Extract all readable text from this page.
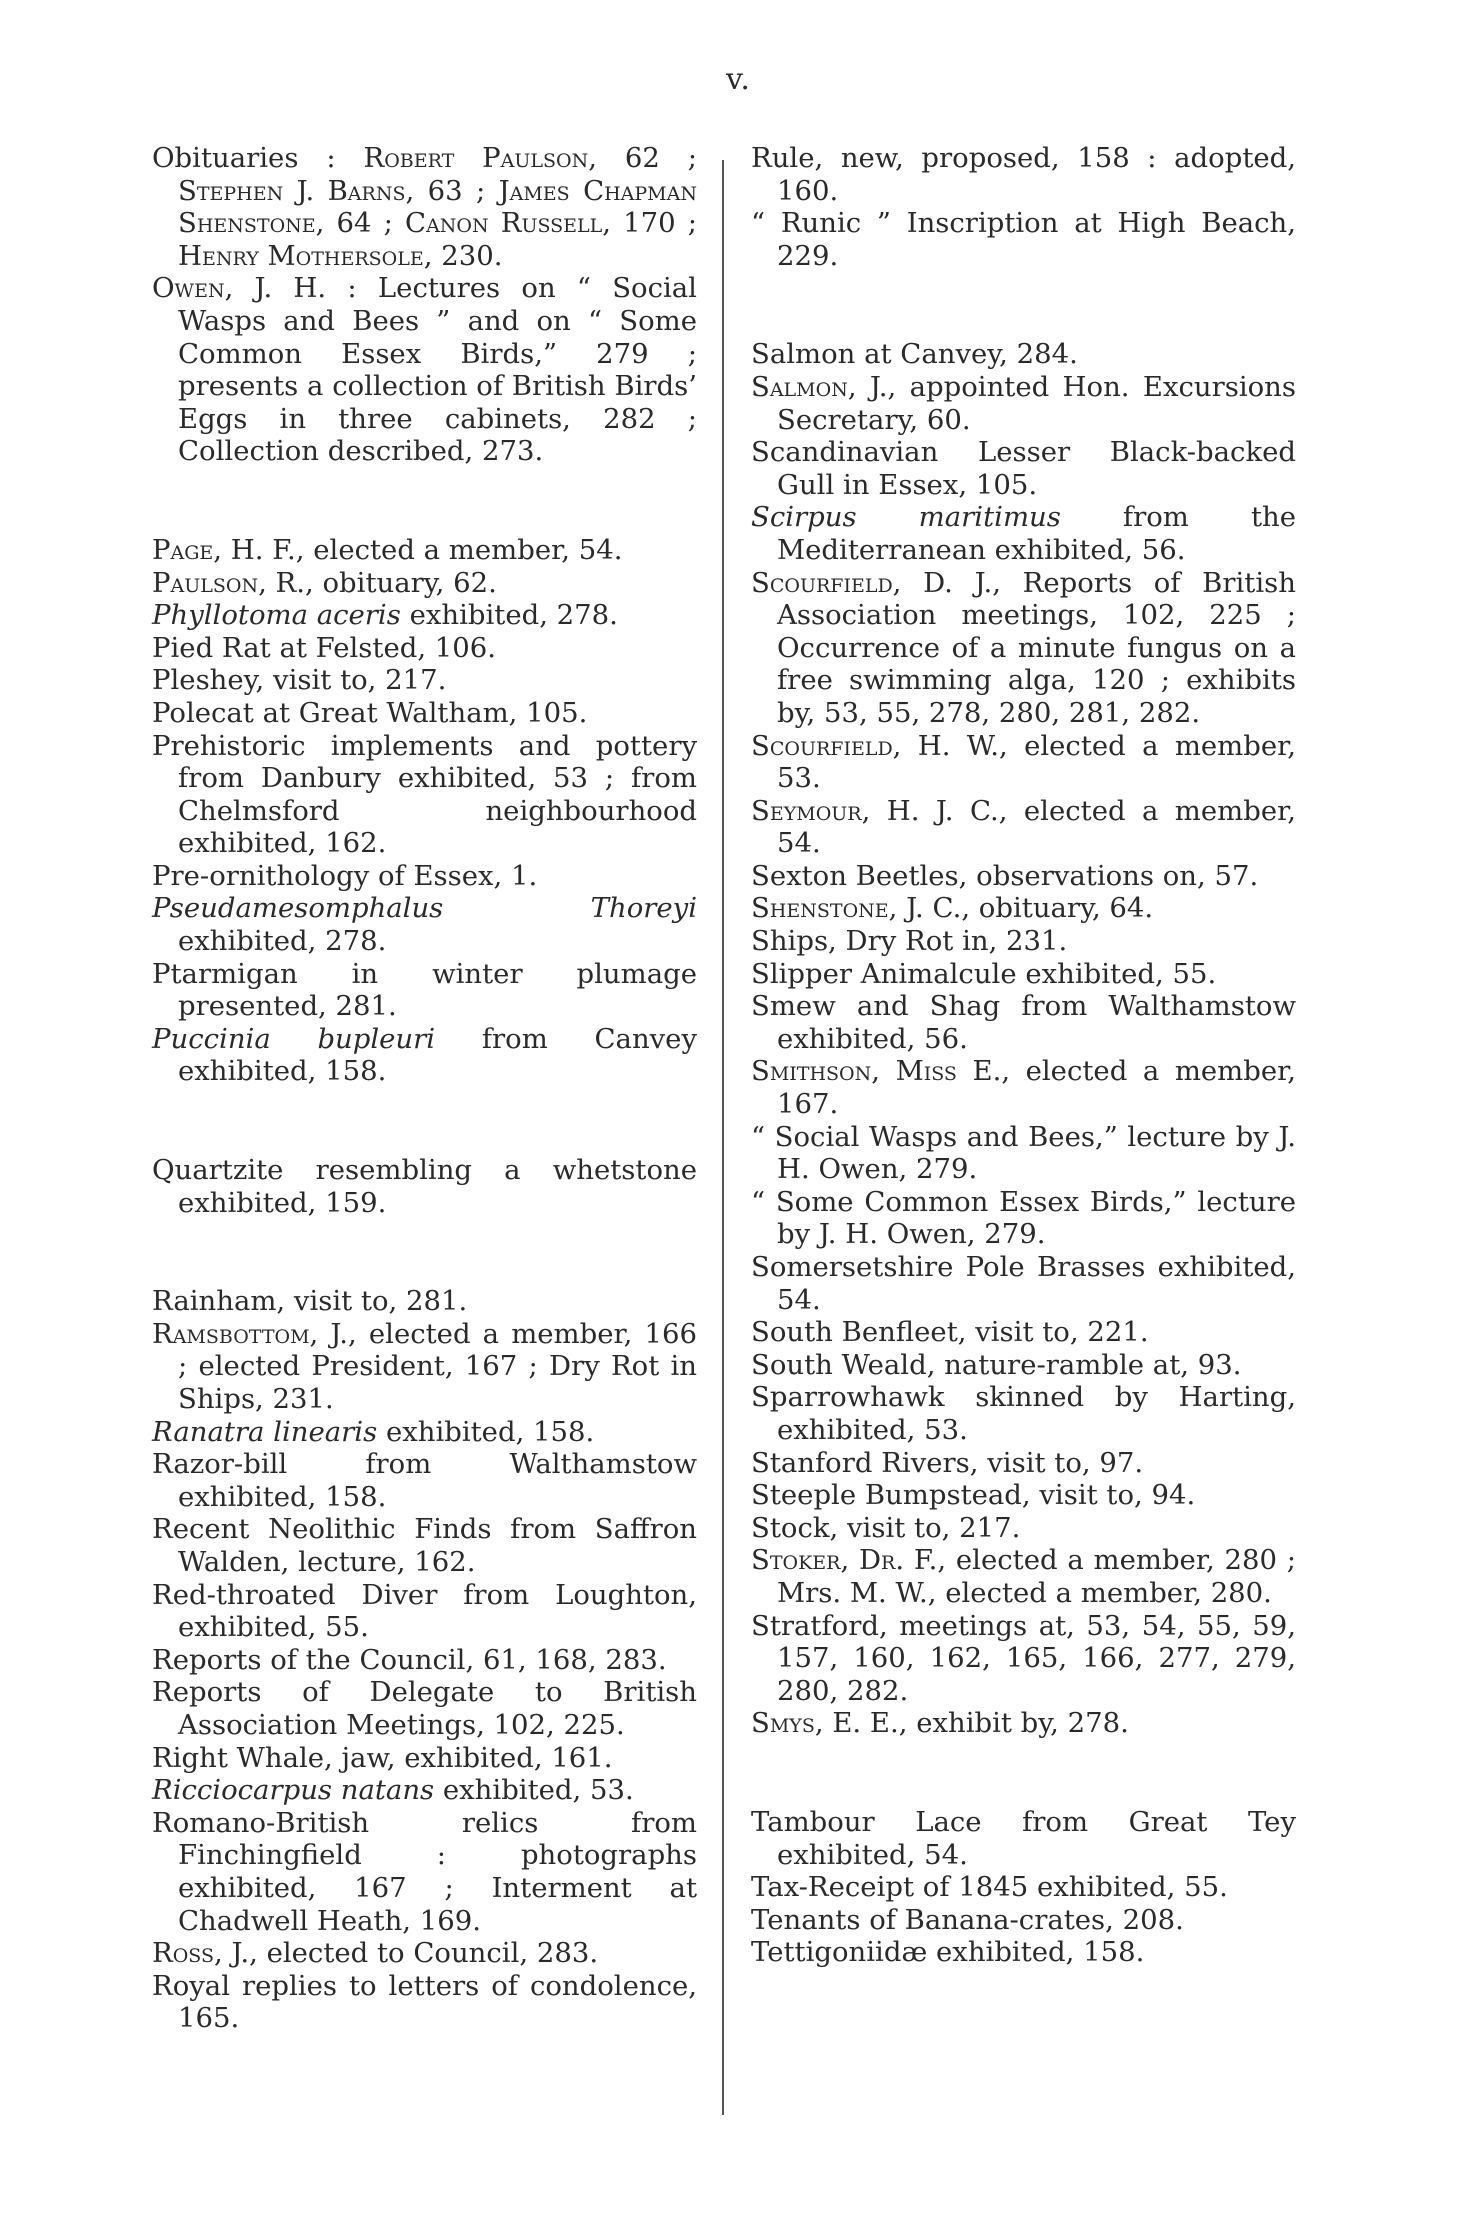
v.

Obituaries : Robert Paulson, 62 ; Stephen J. Barns, 63 ; James Chapman Shenstone, 64 ; Canon Russell, 170 ; Henry Mothersole, 230.

Owen, J. H. : Lectures on “ Social Wasps and Bees ” and on “ Some Common Essex Birds,” 279 ; presents a collection of British Birds’ Eggs in three cabinets, 282 ; Collection described, 273.

Page, H. F., elected a member, 54.

Paulson, R., obituary, 62.

Phyllotoma aceris exhibited, 278.

Pied Rat at Felsted, 106.

Pleshey, visit to, 217.

Polecat at Great Waltham, 105.

Prehistoric implements and pottery from Danbury exhibited, 53 ; from Chelmsford neighbourhood exhibited, 162.

Pre-ornithology of Essex, 1.

Pseudamesomphalus Thoreyi exhibited, 278.

Ptarmigan in winter plumage presented, 281.

Puccinia bupleuri from Canvey exhibited, 158.

Quartzite resembling a whetstone exhibited, 159.

Rainham, visit to, 281.

Ramsbottom, J., elected a member, 166 ; elected President, 167 ; Dry Rot in Ships, 231.

Ranatra linearis exhibited, 158.

Razor-bill from Walthamstow exhibited, 158.

Recent Neolithic Finds from Saffron Walden, lecture, 162.

Red-throated Diver from Loughton, exhibited, 55.

Reports of the Council, 61, 168, 283.

Reports of Delegate to British Association Meetings, 102, 225.

Right Whale, jaw, exhibited, 161.

Ricciocarpus natans exhibited, 53.

Romano-British relics from Finchingfield : photographs exhibited, 167 ; Interment at Chadwell Heath, 169.

Ross, J., elected to Council, 283.

Royal replies to letters of condolence, 165.

Rule, new, proposed, 158 : adopted, 160.

“ Runic ” Inscription at High Beach, 229.

Salmon at Canvey, 284.

Salmon, J., appointed Hon. Excursions Secretary, 60.

Scandinavian Lesser Black-backed Gull in Essex, 105.

Scirpus maritimus from the Mediterranean exhibited, 56.

Scourfield, D. J., Reports of British Association meetings, 102, 225 ; Occurrence of a minute fungus on a free swimming alga, 120 ; exhibits by, 53, 55, 278, 280, 281, 282.

Scourfield, H. W., elected a member, 53.

Seymour, H. J. C., elected a member, 54.

Sexton Beetles, observations on, 57.

Shenstone, J. C., obituary, 64.

Ships, Dry Rot in, 231.

Slipper Animalcule exhibited, 55.

Smew and Shag from Walthamstow exhibited, 56.

Smithson, Miss E., elected a member, 167.

“ Social Wasps and Bees,” lecture by J. H. Owen, 279.

“ Some Common Essex Birds,” lecture by J. H. Owen, 279.

Somersetshire Pole Brasses exhibited, 54.

South Benfleet, visit to, 221.

South Weald, nature-ramble at, 93.

Sparrowhawk skinned by Harting, exhibited, 53.

Stanford Rivers, visit to, 97.

Steeple Bumpstead, visit to, 94.

Stock, visit to, 217.

Stoker, Dr. F., elected a member, 280 ; Mrs. M. W., elected a member, 280.

Stratford, meetings at, 53, 54, 55, 59, 157, 160, 162, 165, 166, 277, 279, 280, 282.

Smys, E. E., exhibit by, 278.

Tambour Lace from Great Tey exhibited, 54.

Tax-Receipt of 1845 exhibited, 55.

Tenants of Banana-crates, 208.

Tettigoniidæ exhibited, 158.
